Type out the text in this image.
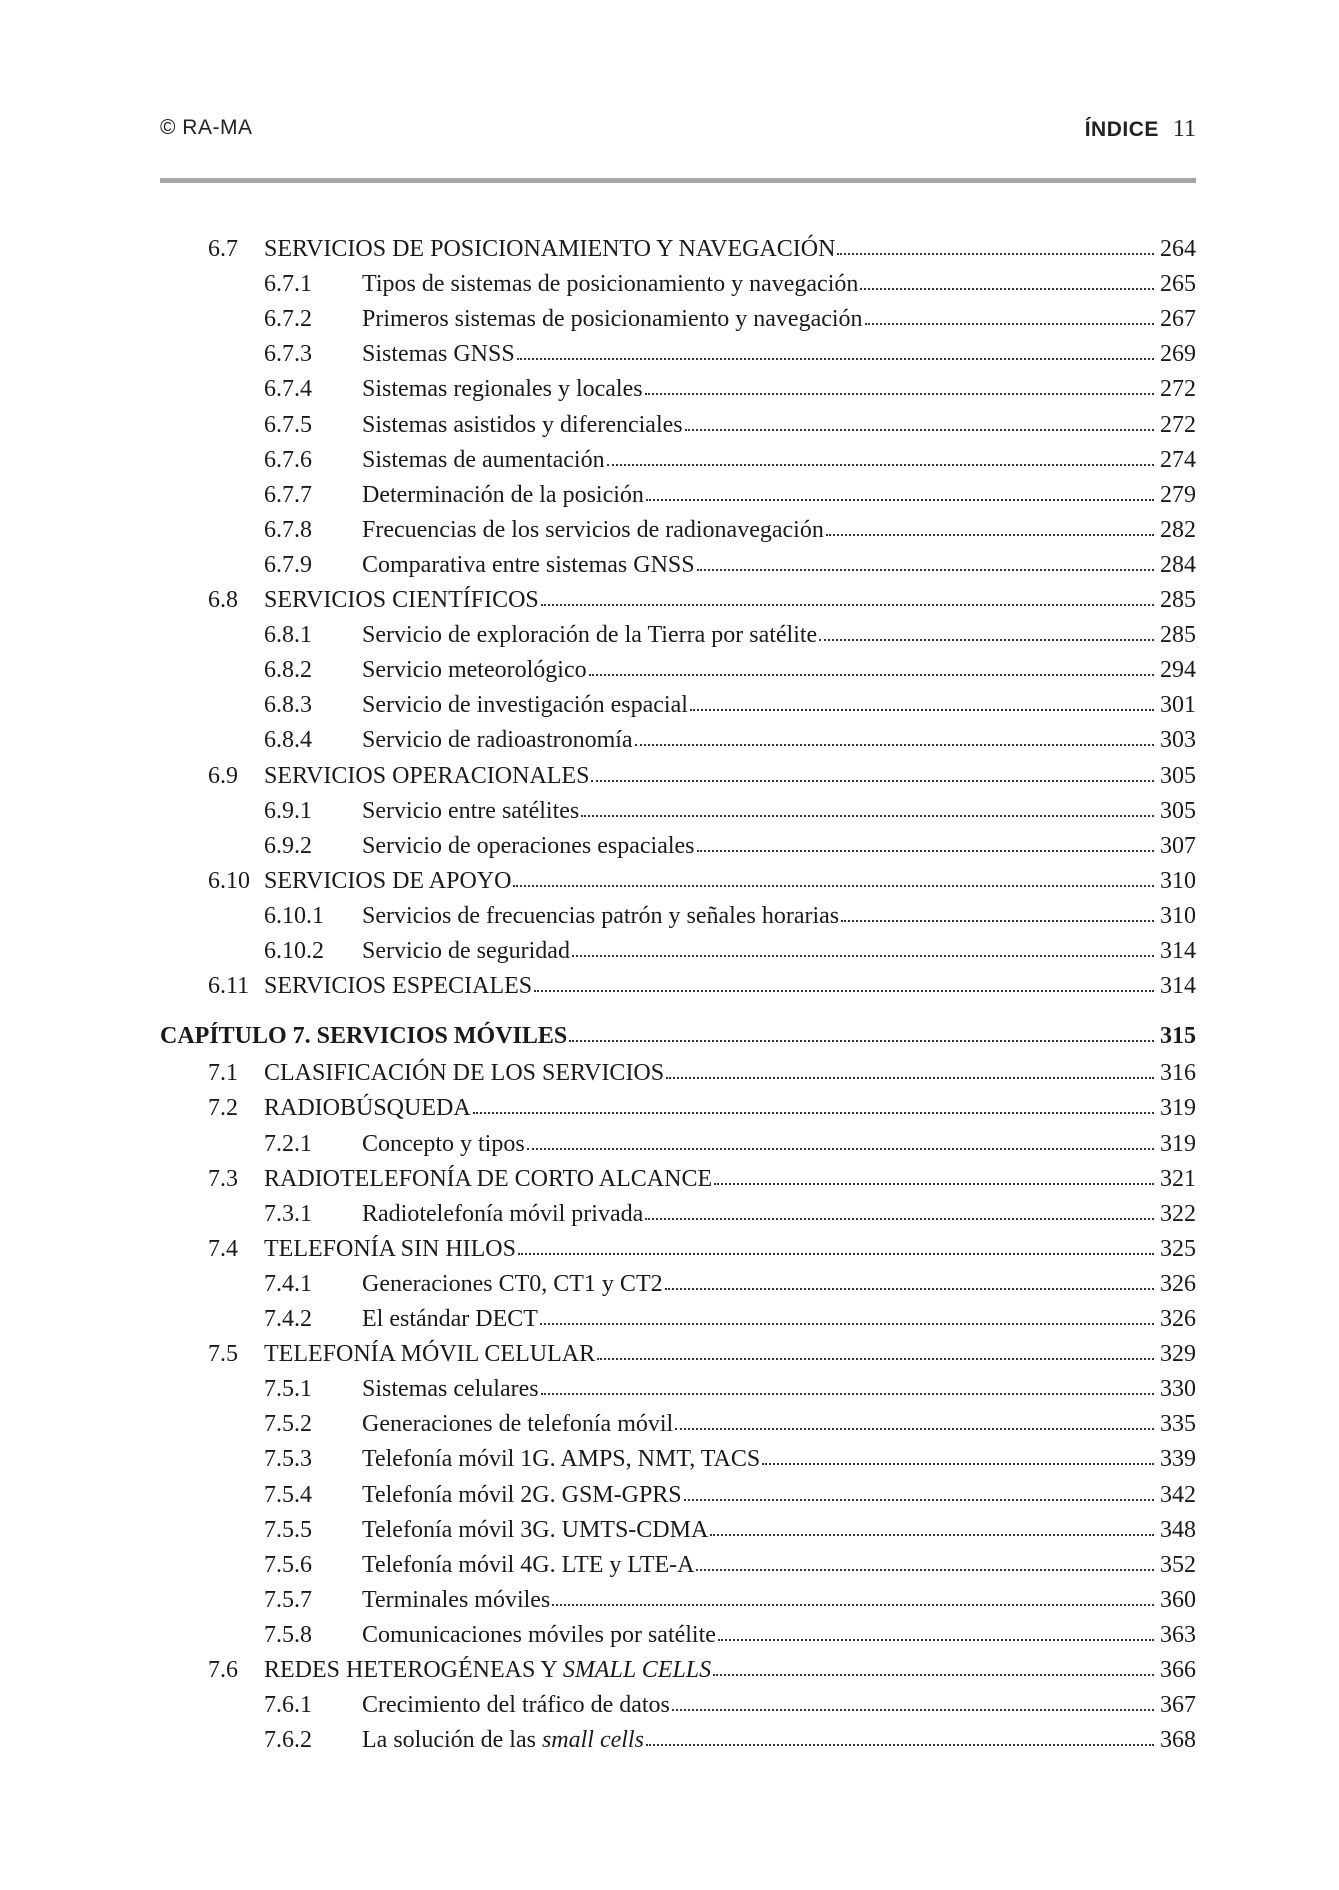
© RA-MA	ÍNDICE 11
6.7	SERVICIOS DE POSICIONAMIENTO Y NAVEGACIÓN	264
6.7.1	Tipos de sistemas de posicionamiento y navegación	265
6.7.2	Primeros sistemas de posicionamiento y navegación	267
6.7.3	Sistemas GNSS	269
6.7.4	Sistemas regionales y locales	272
6.7.5	Sistemas asistidos y diferenciales	272
6.7.6	Sistemas de aumentación	274
6.7.7	Determinación de la posición	279
6.7.8	Frecuencias de los servicios de radionavegación	282
6.7.9	Comparativa entre sistemas GNSS	284
6.8	SERVICIOS CIENTÍFICOS	285
6.8.1	Servicio de exploración de la Tierra por satélite	285
6.8.2	Servicio meteorológico	294
6.8.3	Servicio de investigación espacial	301
6.8.4	Servicio de radioastronomía	303
6.9	SERVICIOS OPERACIONALES	305
6.9.1	Servicio entre satélites	305
6.9.2	Servicio de operaciones espaciales	307
6.10 SERVICIOS DE APOYO	310
6.10.1	Servicios de frecuencias patrón y señales horarias	310
6.10.2	Servicio de seguridad	314
6.11 SERVICIOS ESPECIALES	314
CAPÍTULO 7. SERVICIOS MÓVILES	315
7.1	CLASIFICACIÓN DE LOS SERVICIOS	316
7.2	RADIOBÚSQUEDA	319
7.2.1	Concepto y tipos	319
7.3	RADIOTELEFONÍA DE CORTO ALCANCE	321
7.3.1	Radiotelefonía móvil privada	322
7.4	TELEFONÍA SIN HILOS	325
7.4.1	Generaciones CT0, CT1 y CT2	326
7.4.2	El estándar DECT	326
7.5	TELEFONÍA MÓVIL CELULAR	329
7.5.1	Sistemas celulares	330
7.5.2	Generaciones de telefonía móvil	335
7.5.3	Telefonía móvil 1G. AMPS, NMT, TACS	339
7.5.4	Telefonía móvil 2G. GSM-GPRS	342
7.5.5	Telefonía móvil 3G. UMTS-CDMA	348
7.5.6	Telefonía móvil 4G. LTE y LTE-A	352
7.5.7	Terminales móviles	360
7.5.8	Comunicaciones móviles por satélite	363
7.6	REDES HETEROGÉNEAS Y SMALL CELLS	366
7.6.1	Crecimiento del tráfico de datos	367
7.6.2	La solución de las small cells	368
